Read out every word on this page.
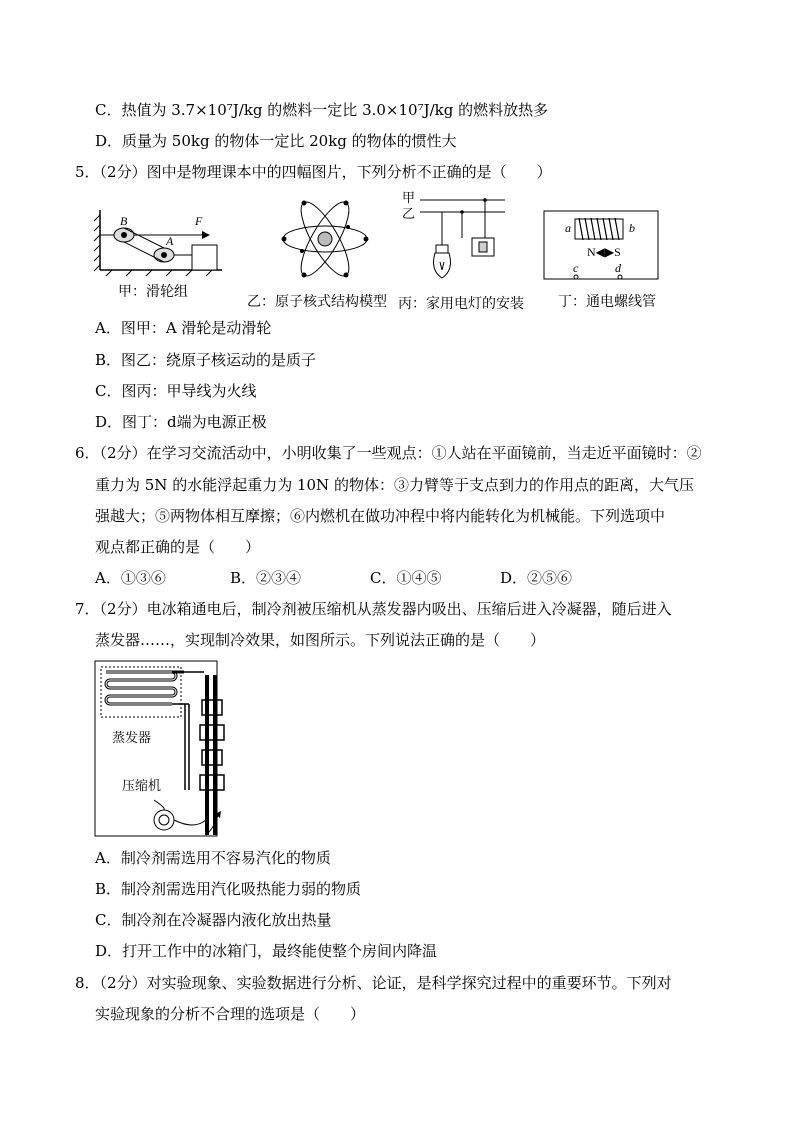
C．热值为 3.7×10⁷J/kg 的燃料一定比 3.0×10⁷J/kg 的燃料放热多
D．质量为 50kg 的物体一定比 20kg 的物体的惯性大
5．（2分）图中是物理课本中的四幅图片，下列分析不正确的是（　　）
B
A
F
甲：滑轮组
乙：原子核式结构模型
甲
乙
丙：家用电灯的安装
a	b
N◀▶S
c	d
丁：通电螺线管
A．图甲：A 滑轮是动滑轮
B．图乙：绕原子核运动的是质子
C．图丙：甲导线为火线
D．图丁：d端为电源正极
6．（2分）在学习交流活动中，小明收集了一些观点：①人站在平面镜前，当走近平面镜时：②
重力为 5N 的水能浮起重力为 10N 的物体：③力臂等于支点到力的作用点的距离，大气压
强越大；⑤两物体相互摩擦；⑥内燃机在做功冲程中将内能转化为机械能。下列选项中
观点都正确的是（　　）
A．①③⑥	B．②③④	C．①④⑤	D．②⑤⑥
7．（2分）电冰箱通电后，制冷剂被压缩机从蒸发器内吸出、压缩后进入冷凝器，随后进入
蒸发器……，实现制冷效果，如图所示。下列说法正确的是（　　）
蒸发器
压缩机
A．制冷剂需选用不容易汽化的物质
B．制冷剂需选用汽化吸热能力弱的物质
C．制冷剂在冷凝器内液化放出热量
D．打开工作中的冰箱门，最终能使整个房间内降温
8．（2分）对实验现象、实验数据进行分析、论证，是科学探究过程中的重要环节。下列对
实验现象的分析不合理的选项是（　　）
